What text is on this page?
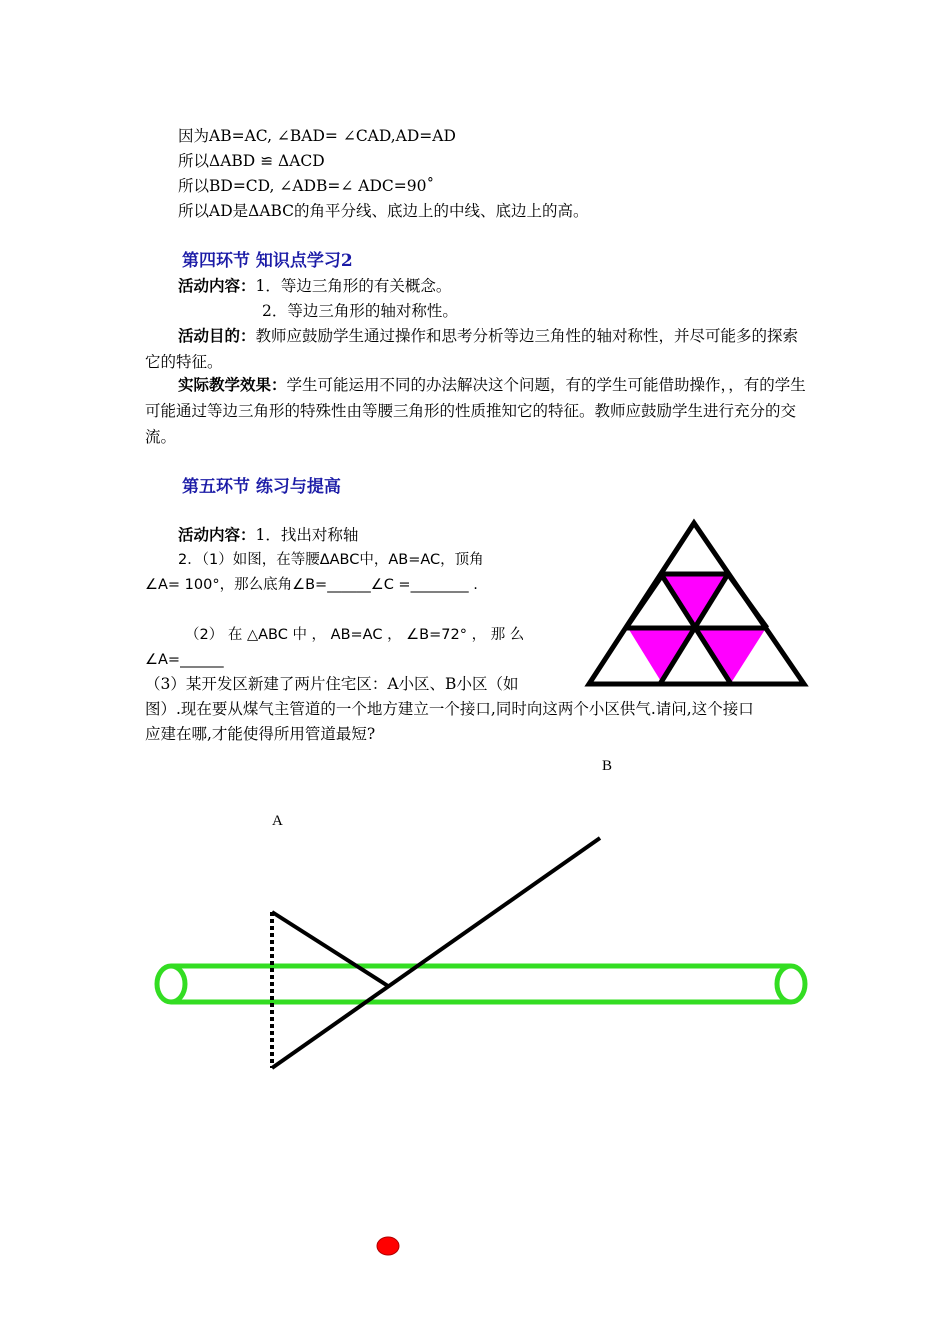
因为AB=AC, ∠BAD= ∠CAD,AD=AD
所以ΔABD ≌ ΔACD
所以BD=CD, ∠ADB=∠ ADC=90˚
所以AD是ΔABC的角平分线、底边上的中线、底边上的高。
第四环节 知识点学习2
活动内容：1．等边三角形的有关概念。
2．等边三角形的轴对称性。
活动目的：教师应鼓励学生通过操作和思考分析等边三角性的轴对称性，并尽可能多的探索它的特征。
实际教学效果：学生可能运用不同的办法解决这个问题，有的学生可能借助操作，，有的学生可能通过等边三角形的特殊性由等腰三角形的性质推知它的特征。教师应鼓励学生进行充分的交流。
第五环节 练习与提高
活动内容：1．找出对称轴
2．（1）如图，在等腰ΔABC中，AB=AC，顶角
∠A= 100°，那么底角∠B=______∠C =________ .
（2） 在 △ABC 中 ， AB=AC ， ∠B=72° ， 那 么
∠A=______
（3）某开发区新建了两片住宅区：A小区、B小区（如
图）.现在要从煤气主管道的一个地方建立一个接口,同时向这两个小区供气.请问,这个接口
应建在哪,才能使得所用管道最短?
A
B
